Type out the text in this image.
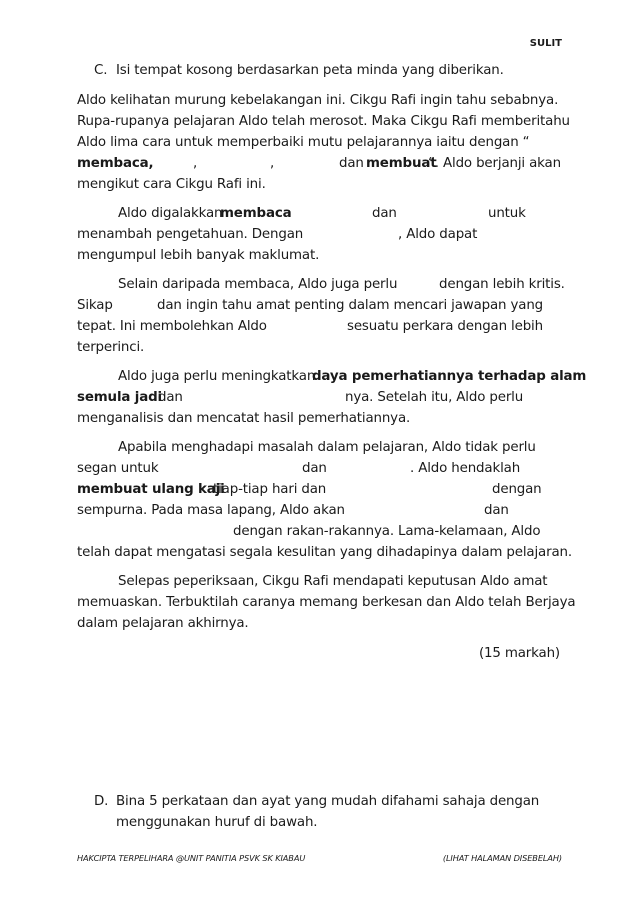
SULIT
C. Isi tempat kosong berdasarkan peta minda yang diberikan.
Aldo kelihatan murung kebelakangan ini. Cikgu Rafi ingin tahu sebabnya.
Rupa-rupanya pelajaran Aldo telah merosot. Maka Cikgu Rafi memberitahu
Aldo lima cara untuk memperbaiki mutu pelajarannya iaitu dengan “
membaca,	,	,	dan membuat
“. Aldo berjanji akan
mengikut cara Cikgu Rafi ini.
Aldo digalakkan
membaca	dan	untuk
menambah pengetahuan. Dengan	, Aldo dapat
mengumpul lebih banyak maklumat.
Selain daripada membaca, Aldo juga perlu	dengan lebih kritis.
Sikap	dan ingin tahu amat penting dalam mencari jawapan yang
tepat. Ini membolehkan Aldo	sesuatu perkara dengan lebih
terperinci.
Aldo juga perlu meningkatkan
daya pemerhatiannya terhadap alam
semula jadi
dan	nya. Setelah itu, Aldo perlu
menganalisis dan mencatat hasil pemerhatiannya.
Apabila menghadapi masalah dalam pelajaran, Aldo tidak perlu
segan untuk	dan	. Aldo hendaklah
membuat ulang kaji
tiap-tiap hari dan	dengan
sempurna. Pada masa lapang, Aldo akan	dan
dengan rakan-rakannya. Lama-kelamaan, Aldo
telah dapat mengatasi segala kesulitan yang dihadapinya dalam pelajaran.
Selepas peperiksaan, Cikgu Rafi mendapati keputusan Aldo amat
memuaskan. Terbuktilah caranya memang berkesan dan Aldo telah Berjaya
dalam pelajaran akhirnya.
(15 markah)
D. Bina 5 perkataan dan ayat yang mudah difahami sahaja dengan
menggunakan huruf di bawah.
HAKCIPTA TERPELIHARA @UNIT PANITIA PSVK SK KIABAU	(LIHAT HALAMAN DISEBELAH)
